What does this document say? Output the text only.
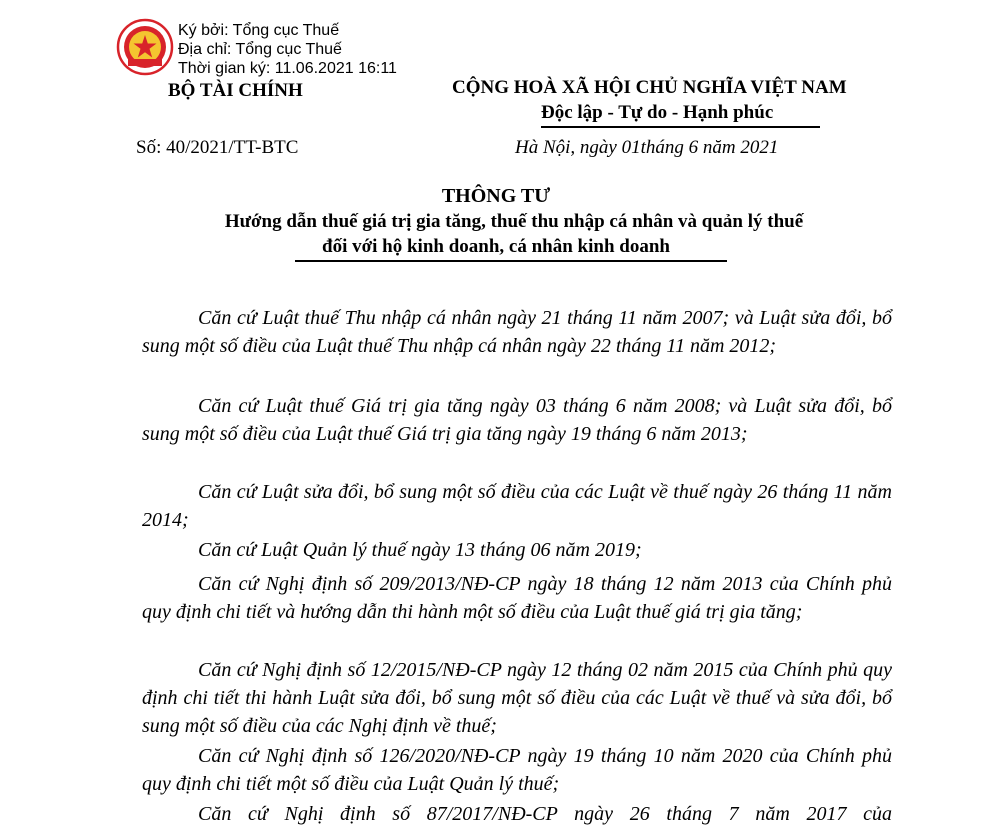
Ký bởi: Tổng cục Thuế
Địa chỉ: Tổng cục Thuế
Thời gian ký: 11.06.2021 16:11
BỘ TÀI CHÍNH	CỘNG HOÀ XÃ HỘI CHỦ NGHĨA VIỆT NAM
Độc lập - Tự do - Hạnh phúc
Số: 40/2021/TT-BTC	Hà Nội, ngày 01tháng 6 năm 2021
THÔNG TƯ
Hướng dẫn thuế giá trị gia tăng, thuế thu nhập cá nhân và quản lý thuế
đối với hộ kinh doanh, cá nhân kinh doanh

Căn cứ Luật thuế Thu nhập cá nhân ngày 21 tháng 11 năm 2007; và Luật sửa đổi, bổ sung một số điều của Luật thuế Thu nhập cá nhân ngày 22 tháng 11 năm 2012;

Căn cứ Luật thuế Giá trị gia tăng ngày 03 tháng 6 năm 2008; và Luật sửa đổi, bổ sung một số điều của Luật thuế Giá trị gia tăng ngày 19 tháng 6 năm 2013;

Căn cứ Luật sửa đổi, bổ sung một số điều của các Luật về thuế ngày 26 tháng 11 năm 2014;

Căn cứ Luật Quản lý thuế ngày 13 tháng 06 năm 2019;

Căn cứ Nghị định số 209/2013/NĐ-CP ngày 18 tháng 12 năm 2013 của Chính phủ quy định chi tiết và hướng dẫn thi hành một số điều của Luật thuế giá trị gia tăng;

Căn cứ Nghị định số 12/2015/NĐ-CP ngày 12 tháng 02 năm 2015 của Chính phủ quy định chi tiết thi hành Luật sửa đổi, bổ sung một số điều của các Luật về thuế và sửa đổi, bổ sung một số điều của các Nghị định về thuế;

Căn cứ Nghị định số 126/2020/NĐ-CP ngày 19 tháng 10 năm 2020 của Chính phủ quy định chi tiết một số điều của Luật Quản lý thuế;

Căn cứ Nghị định số 87/2017/NĐ-CP ngày 26 tháng 7 năm 2017 của
